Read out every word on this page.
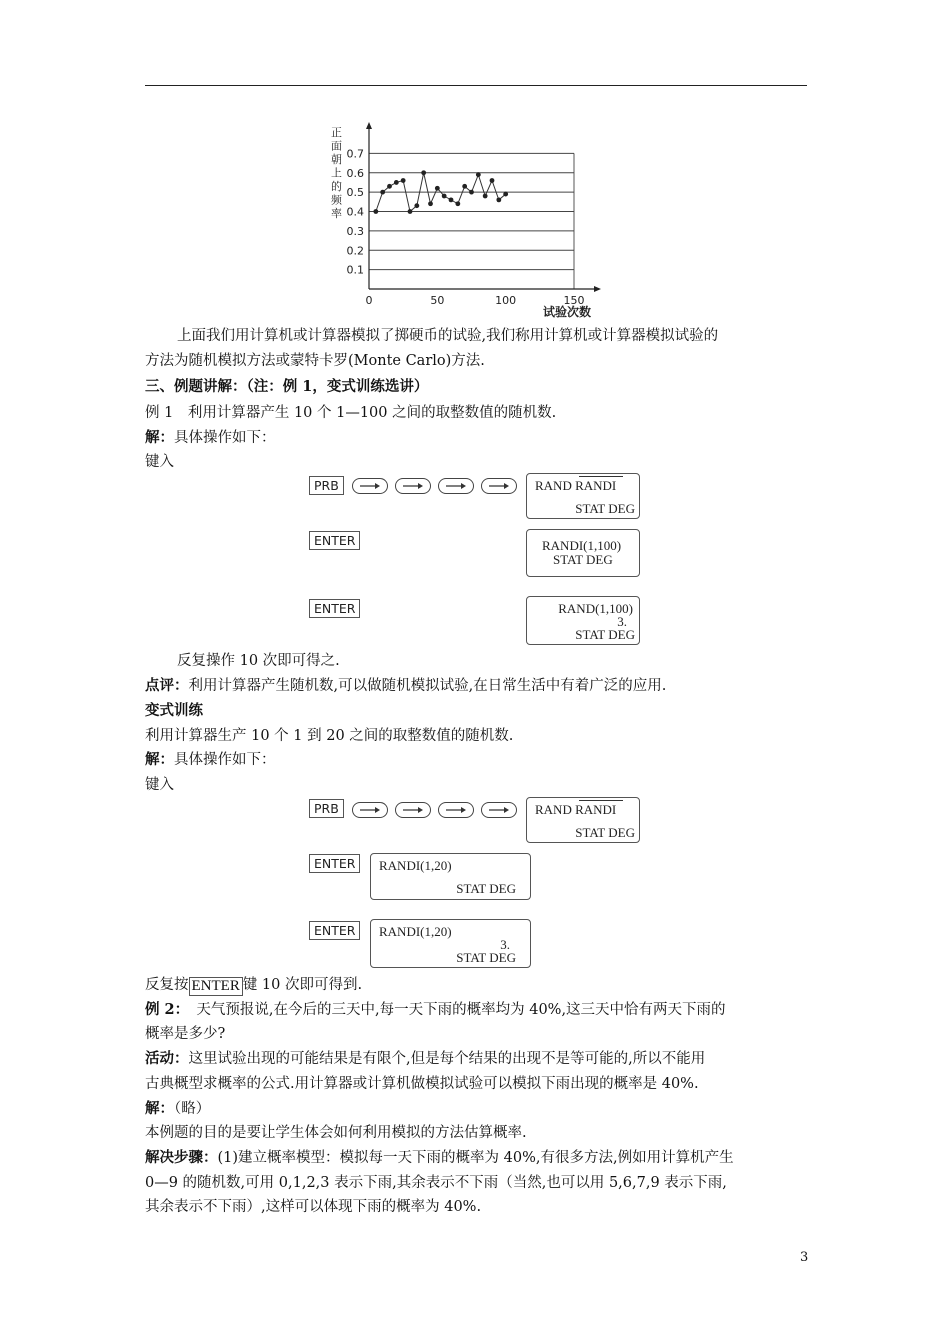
0.1
0.2
0.3
0.4
0.5
0.6
0.7
0	50	100	150
正面朝上的频率
试验次数
上面我们用计算机或计算器模拟了掷硬币的试验,我们称用计算机或计算器模拟试验的
方法为随机模拟方法或蒙特卡罗(Monte Carlo)方法.
三、例题讲解：（注：例 1，变式训练选讲）
例 1　利用计算器产生 10 个 1—100 之间的取整数值的随机数.
解：具体操作如下：
键入
PRB	RAND RANDI
STAT DEG
ENTER	RANDI(1,100)
STAT DEG
ENTER	RAND(1,100)
3.
STAT DEG
反复操作 10 次即可得之.
点评：利用计算器产生随机数,可以做随机模拟试验,在日常生活中有着广泛的应用.
变式训练
利用计算器生产 10 个 1 到 20 之间的取整数值的随机数.
解：具体操作如下：
键入
PRB	RAND RANDI
STAT DEG
ENTER	RANDI(1,20)
STAT DEG
ENTER	RANDI(1,20)
3.
STAT DEG
反复按 ENTER 键 10 次即可得到.
例 2：　天气预报说,在今后的三天中,每一天下雨的概率均为 40%,这三天中恰有两天下雨的
概率是多少?
活动：这里试验出现的可能结果是有限个,但是每个结果的出现不是等可能的,所以不能用
古典概型求概率的公式.用计算器或计算机做模拟试验可以模拟下雨出现的概率是 40%.
解：（略）
本例题的目的是要让学生体会如何利用模拟的方法估算概率.
解决步骤：(1)建立概率模型：模拟每一天下雨的概率为 40%,有很多方法,例如用计算机产生
0—9 的随机数,可用 0,1,2,3 表示下雨,其余表示不下雨（当然,也可以用 5,6,7,9 表示下雨,
其余表示不下雨）,这样可以体现下雨的概率为 40%.
3
